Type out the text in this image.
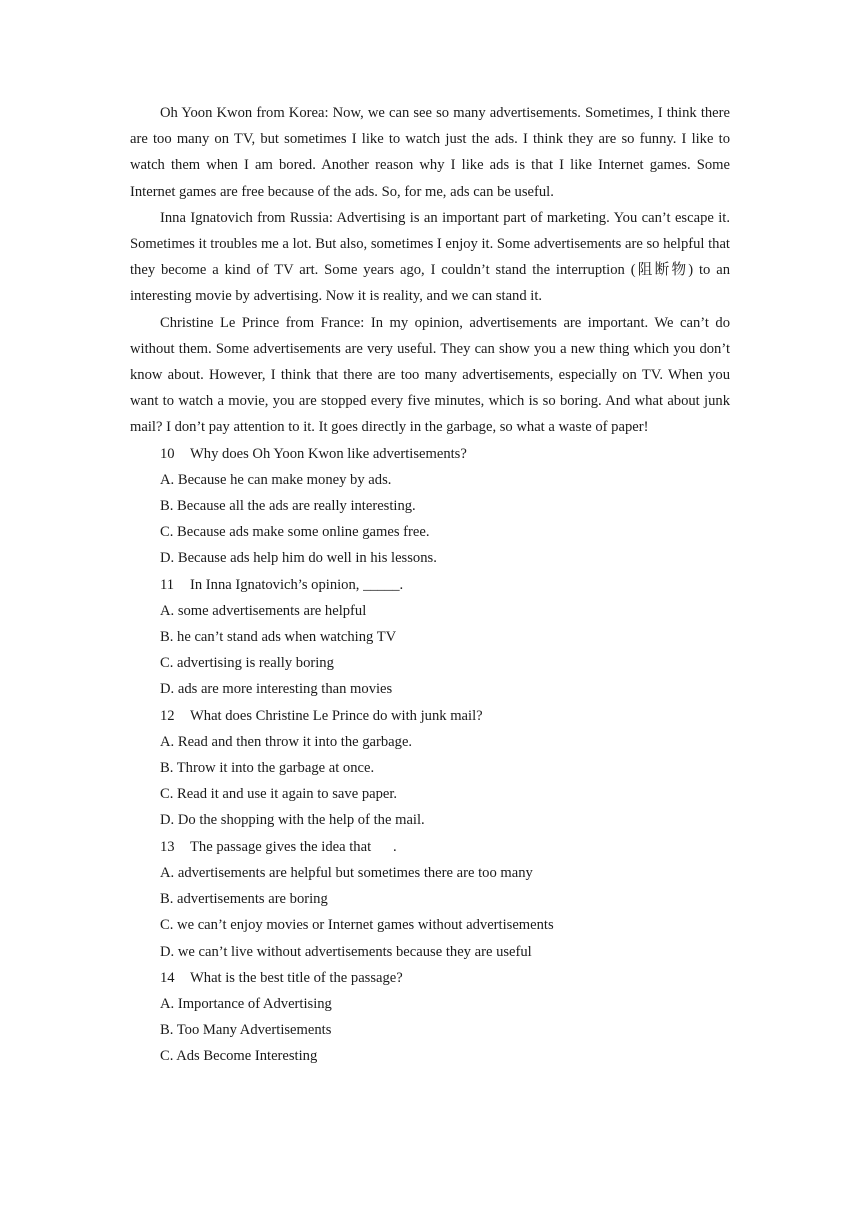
Oh Yoon Kwon from Korea: Now, we can see so many advertisements. Sometimes, I think there are too many on TV, but sometimes I like to watch just the ads. I think they are so funny. I like to watch them when I am bored. Another reason why I like ads is that I like Internet games. Some Internet games are free because of the ads. So, for me, ads can be useful.

Inna Ignatovich from Russia: Advertising is an important part of marketing. You can’t escape it. Sometimes it troubles me a lot. But also, sometimes I enjoy it. Some advertisements are so helpful that they become a kind of TV art. Some years ago, I couldn’t stand the interruption (阻断物) to an interesting movie by advertising. Now it is reality, and we can stand it.

Christine Le Prince from France: In my opinion, advertisements are important. We can’t do without them. Some advertisements are very useful. They can show you a new thing which you don’t know about. However, I think that there are too many advertisements, especially on TV. When you want to watch a movie, you are stopped every five minutes, which is so boring. And what about junk mail? I don’t pay attention to it. It goes directly in the garbage, so what a waste of paper!

10 Why does Oh Yoon Kwon like advertisements?

A. Because he can make money by ads.

B. Because all the ads are really interesting.

C. Because ads make some online games free.

D. Because ads help him do well in his lessons.

11 In Inna Ignatovich’s opinion, _____.

A. some advertisements are helpful

B. he can’t stand ads when watching TV

C. advertising is really boring

D. ads are more interesting than movies

12 What does Christine Le Prince do with junk mail?

A. Read and then throw it into the garbage.

B. Throw it into the garbage at once.

C. Read it and use it again to save paper.

D. Do the shopping with the help of the mail.

13 The passage gives the idea that      .

A. advertisements are helpful but sometimes there are too many

B. advertisements are boring

C. we can’t enjoy movies or Internet games without advertisements

D. we can’t live without advertisements because they are useful

14 What is the best title of the passage?

A. Importance of Advertising

B. Too Many Advertisements

C. Ads Become Interesting
